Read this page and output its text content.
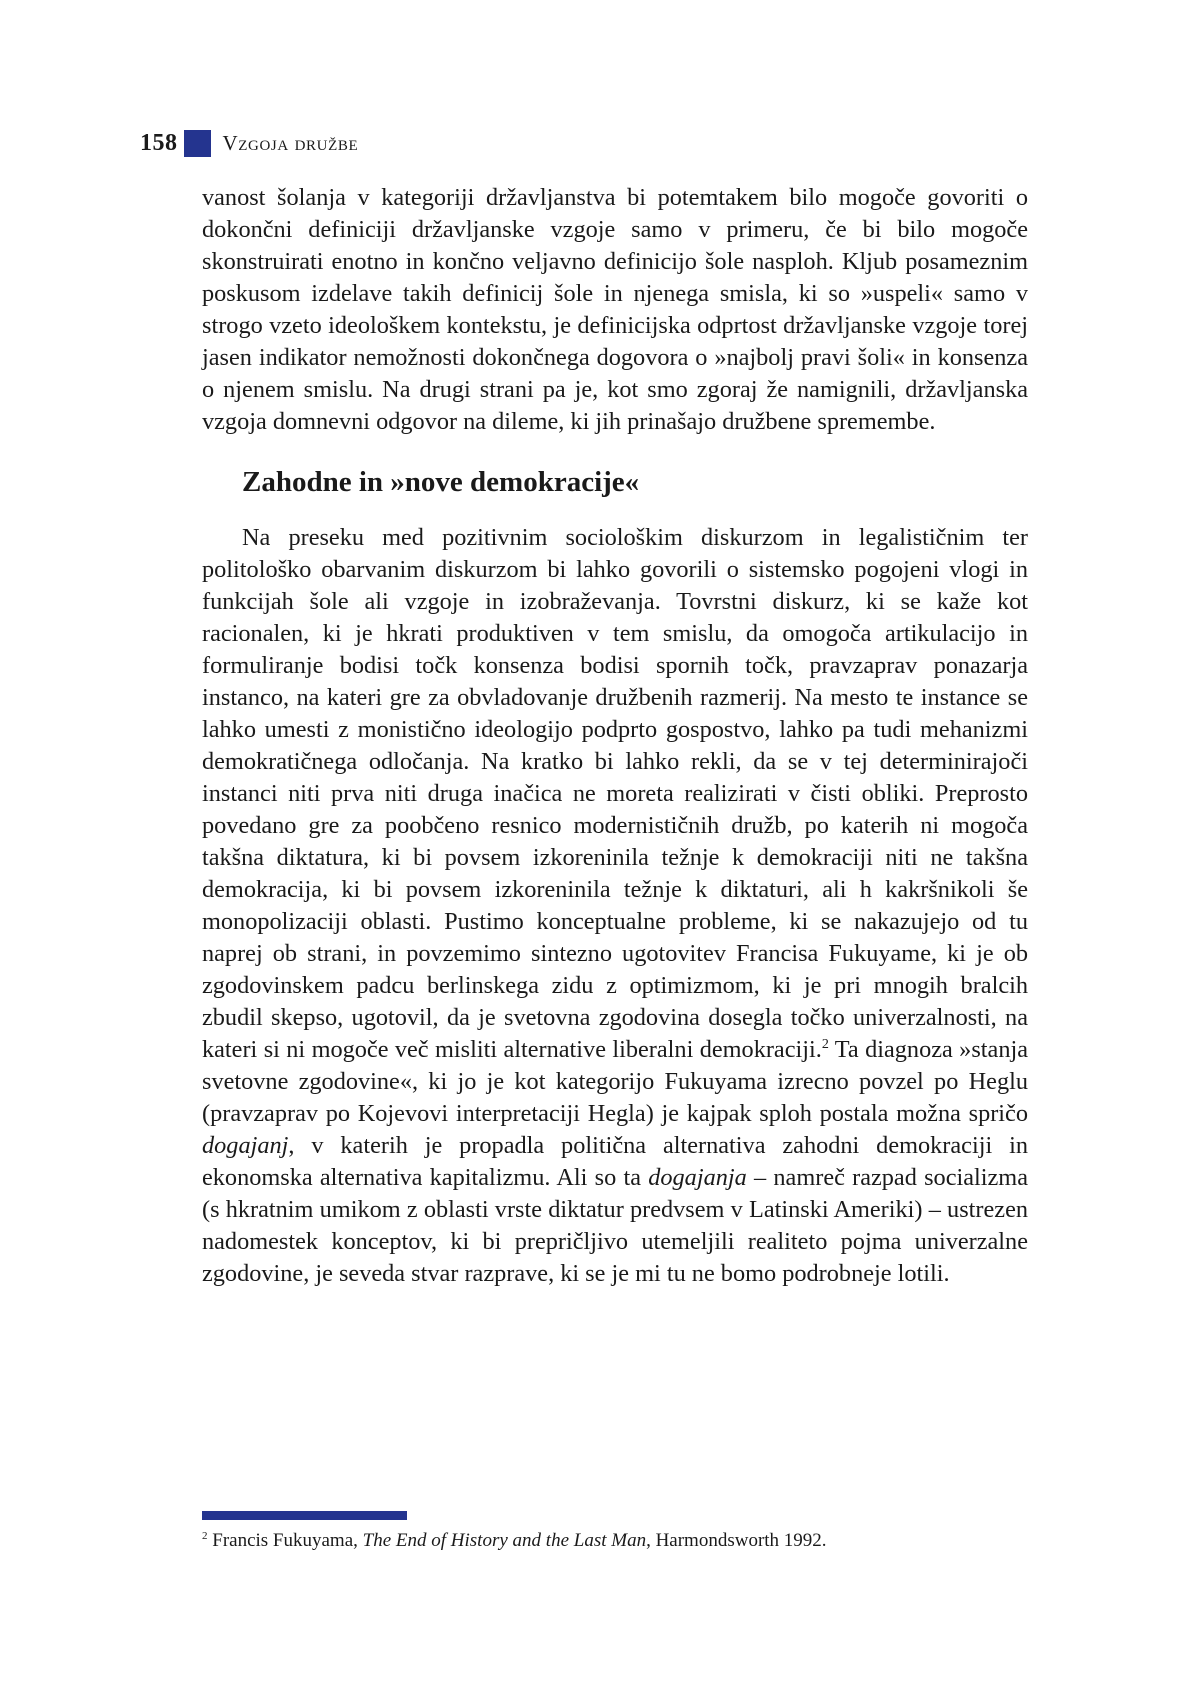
158 Vzgoja družbe

vanost šolanja v kategoriji državljanstva bi potemtakem bilo mogoče govoriti o dokončni definiciji državljanske vzgoje samo v primeru, če bi bilo mogoče skonstruirati enotno in končno veljavno definicijo šole nasploh. Kljub posameznim poskusom izdelave takih definicij šole in njenega smisla, ki so »uspeli« samo v strogo vzeto ideološkem kontekstu, je definicijska odprtost državljanske vzgoje torej jasen indikator nemožnosti dokončnega dogovora o »najbolj pravi šoli« in konsenza o njenem smislu. Na drugi strani pa je, kot smo zgoraj že namignili, državljanska vzgoja domnevni odgovor na dileme, ki jih prinašajo družbene spremembe.

Zahodne in »nove demokracije«

Na preseku med pozitivnim sociološkim diskurzom in legalističnim ter politološko obarvanim diskurzom bi lahko govorili o sistemsko pogojeni vlogi in funkcijah šole ali vzgoje in izobraževanja. Tovrstni diskurz, ki se kaže kot racionalen, ki je hkrati produktiven v tem smislu, da omogoča artikulacijo in formuliranje bodisi točk konsenza bodisi spornih točk, pravzaprav ponazarja instanco, na kateri gre za obvladovanje družbenih razmerij. Na mesto te instance se lahko umesti z monistično ideologijo podprto gospostvo, lahko pa tudi mehanizmi demokratičnega odločanja. Na kratko bi lahko rekli, da se v tej determinirajoči instanci niti prva niti druga inačica ne moreta realizirati v čisti obliki. Preprosto povedano gre za poobčeno resnico modernističnih družb, po katerih ni mogoča takšna diktatura, ki bi povsem izkoreninila težnje k demokraciji niti ne takšna demokracija, ki bi povsem izkoreninila težnje k diktaturi, ali h kakršnikoli še monopolizaciji oblasti. Pustimo konceptualne probleme, ki se nakazujejo od tu naprej ob strani, in povzemimo sintezno ugotovitev Francisa Fukuyame, ki je ob zgodovinskem padcu berlinskega zidu z optimizmom, ki je pri mnogih bralcih zbudil skepso, ugotovil, da je svetovna zgodovina dosegla točko univerzalnosti, na kateri si ni mogoče več misliti alternative liberalni demokraciji.$^2$ Ta diagnoza »stanja svetovne zgodovine«, ki jo je kot kategorijo Fukuyama izrecno povzel po Heglu (pravzaprav po Kojevovi interpretaciji Hegla) je kajpak sploh postala možna spričo dogajanj, v katerih je propadla politična alternativa zahodni demokraciji in ekonomska alternativa kapitalizmu. Ali so ta dogajanja – namreč razpad socializma (s hkratnim umikom z oblasti vrste diktatur predvsem v Latinski Ameriki) – ustrezen nadomestek konceptov, ki bi prepričljivo utemeljili realiteto pojma univerzalne zgodovine, je seveda stvar razprave, ki se je mi tu ne bomo podrobneje lotili.

$^2$ Francis Fukuyama, The End of History and the Last Man, Harmondsworth 1992.
